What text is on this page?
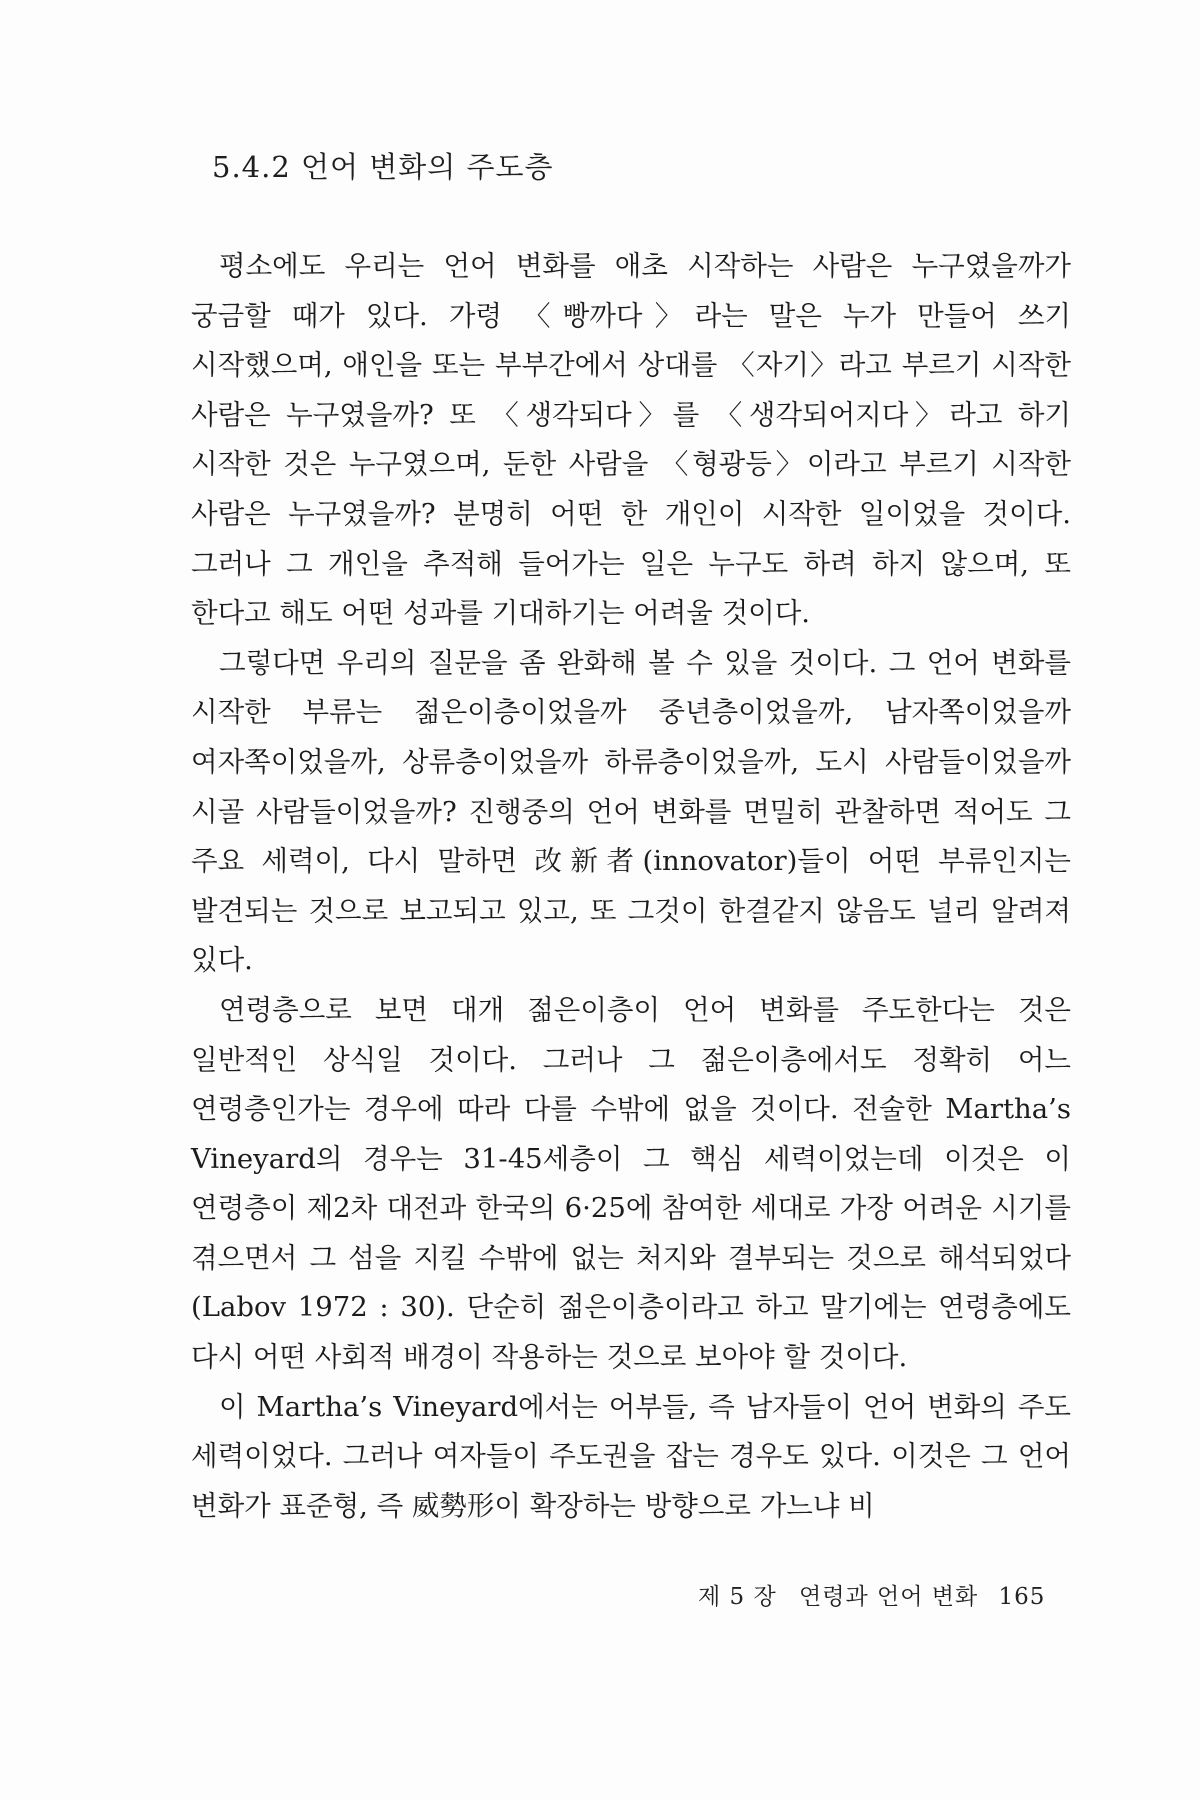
5.4.2 언어 변화의 주도층

평소에도 우리는 언어 변화를 애초 시작하는 사람은 누구였을까가 궁금할 때가 있다. 가령 〈빵까다〉라는 말은 누가 만들어 쓰기 시작했으며, 애인을 또는 부부간에서 상대를 〈자기〉라고 부르기 시작한 사람은 누구였을까? 또 〈생각되다〉를 〈생각되어지다〉라고 하기 시작한 것은 누구였으며, 둔한 사람을 〈형광등〉이라고 부르기 시작한 사람은 누구였을까? 분명히 어떤 한 개인이 시작한 일이었을 것이다. 그러나 그 개인을 추적해 들어가는 일은 누구도 하려 하지 않으며, 또 한다고 해도 어떤 성과를 기대하기는 어려울 것이다.

그렇다면 우리의 질문을 좀 완화해 볼 수 있을 것이다. 그 언어 변화를 시작한 부류는 젊은이층이었을까 중년층이었을까, 남자쪽이었을까 여자쪽이었을까, 상류층이었을까 하류층이었을까, 도시 사람들이었을까 시골 사람들이었을까? 진행중의 언어 변화를 면밀히 관찰하면 적어도 그 주요 세력이, 다시 말하면 改新者(innovator)들이 어떤 부류인지는 발견되는 것으로 보고되고 있고, 또 그것이 한결같지 않음도 널리 알려져 있다.

연령층으로 보면 대개 젊은이층이 언어 변화를 주도한다는 것은 일반적인 상식일 것이다. 그러나 그 젊은이층에서도 정확히 어느 연령층인가는 경우에 따라 다를 수밖에 없을 것이다. 전술한 Martha’s Vineyard의 경우는 31-45세층이 그 핵심 세력이었는데 이것은 이 연령층이 제2차 대전과 한국의 6·25에 참여한 세대로 가장 어려운 시기를 겪으면서 그 섬을 지킬 수밖에 없는 처지와 결부되는 것으로 해석되었다(Labov 1972 : 30). 단순히 젊은이층이라고 하고 말기에는 연령층에도 다시 어떤 사회적 배경이 작용하는 것으로 보아야 할 것이다.

이 Martha’s Vineyard에서는 어부들, 즉 남자들이 언어 변화의 주도 세력이었다. 그러나 여자들이 주도권을 잡는 경우도 있다. 이것은 그 언어 변화가 표준형, 즉 威勢形이 확장하는 방향으로 가느냐 비

제 5 장 연령과 언어 변화 165
